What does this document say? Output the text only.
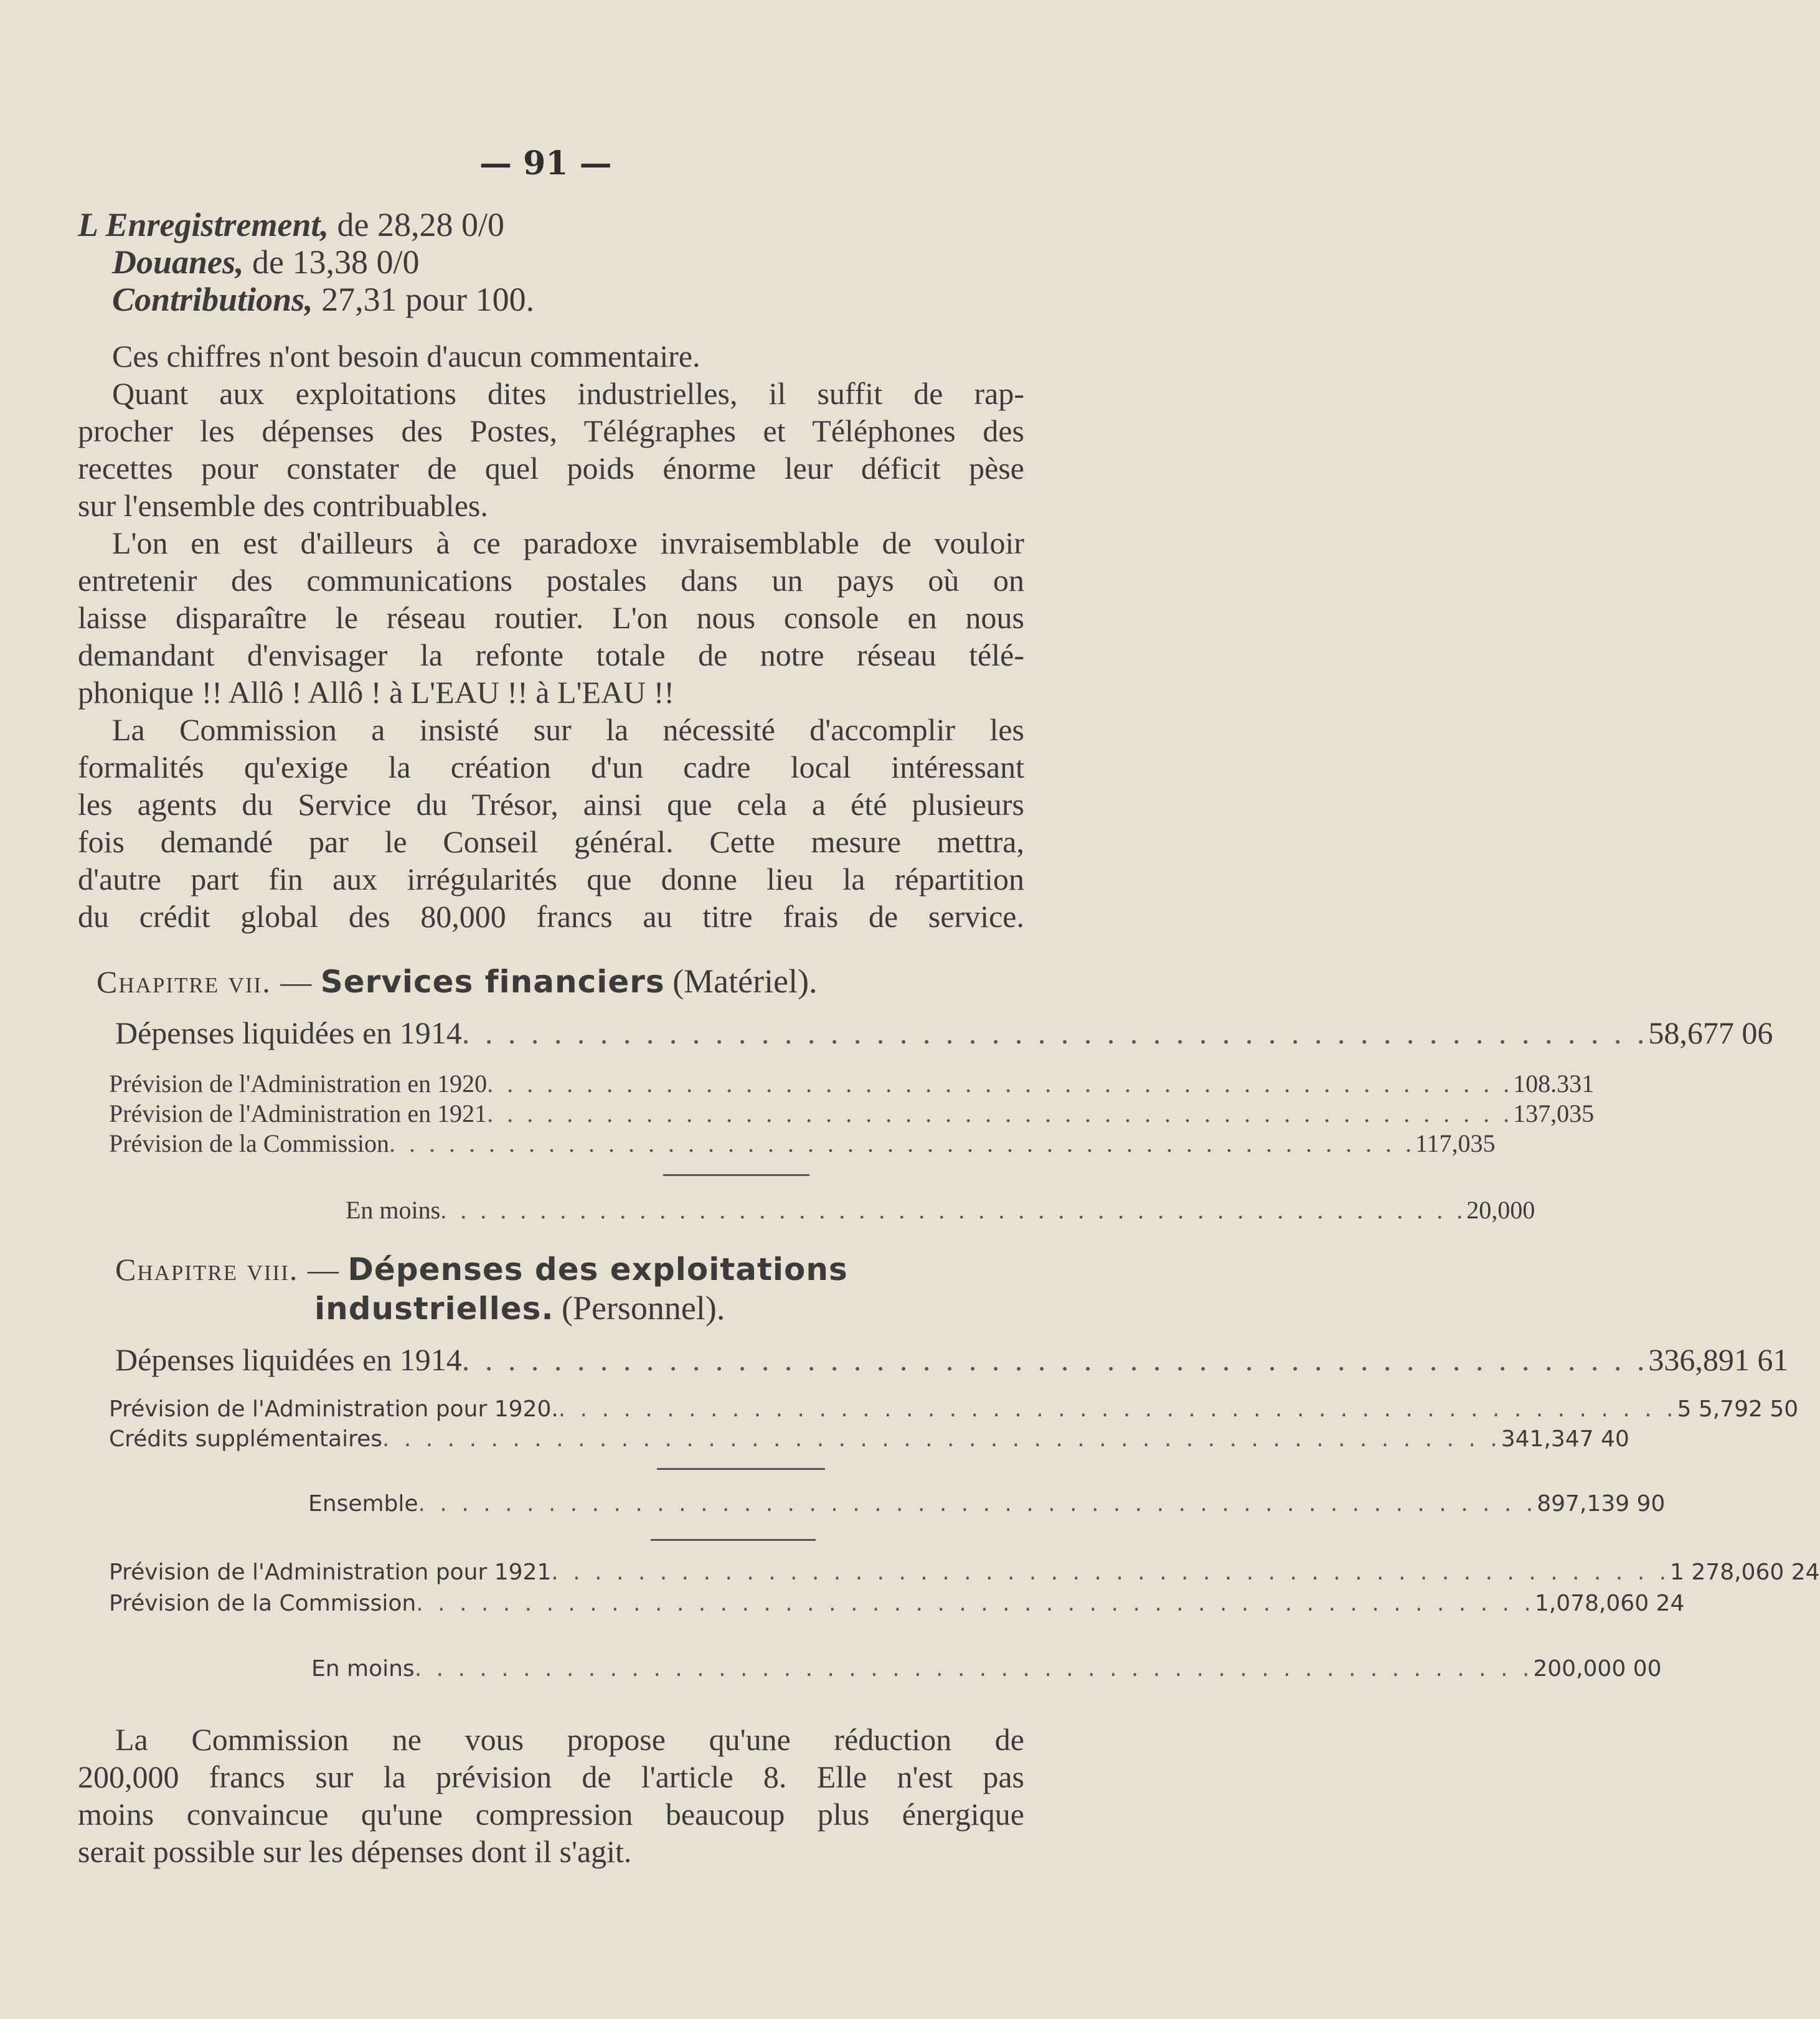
— 91 —
L Enregistrement, de 28,28 0/0
Douanes, de 13,38 0/0
Contributions, 27,31 pour 100.
Ces chiffres n'ont besoin d'aucun commentaire.
Quant aux exploitations dites industrielles, il suffit de rap-
procher les dépenses des Postes, Télégraphes et Téléphones des
recettes pour constater de quel poids énorme leur déficit pèse
sur l'ensemble des contribuables.
L'on en est d'ailleurs à ce paradoxe invraisemblable de vouloir
entretenir des communications postales dans un pays où on
laisse disparaître le réseau routier. L'on nous console en nous
demandant d'envisager la refonte totale de notre réseau télé-
phonique !! Allô ! Allô ! à L'EAU !! à L'EAU !!
La Commission a insisté sur la nécessité d'accomplir les
formalités qu'exige la création d'un cadre local intéressant
les agents du Service du Trésor, ainsi que cela a été plusieurs
fois demandé par le Conseil général. Cette mesure mettra,
d'autre part fin aux irrégularités que donne lieu la répartition
du crédit global des 80,000 francs au titre frais de service.
Chapitre vii. — Services financiers (Matériel).
Dépenses liquidées en 1914 . . . . . . . . . . . . . . . . . . . . . . . . . . . . . . . . . . . . . . . . . . . . . . . . . . . . 58,677 06
Prévision de l'Administration en 1920 . . . . . . . . . . . . . . . . . . . . . . . . . . . . . . . . . . . . . . . . . . . . . . . . . . . . 108.331
Prévision de l'Administration en 1921 . . . . . . . . . . . . . . . . . . . . . . . . . . . . . . . . . . . . . . . . . . . . . . . . . . . . 137,035
Prévision de la Commission . . . . . . . . . . . . . . . . . . . . . . . . . . . . . . . . . . . . . . . . . . . . . . . . . . . . 117,035
En moins . . . . . . . . . . . . . . . . . . . . . . . . . . . . . . . . . . . . . . . . . . . . . . . . . . . . 20,000
Chapitre viii. — Dépenses des exploitations
industrielles. (Personnel).
Dépenses liquidées en 1914 . . . . . . . . . . . . . . . . . . . . . . . . . . . . . . . . . . . . . . . . . . . . . . . . . . . . 336,891 61
Prévision de l'Administration pour 1920. . . . . . . . . . . . . . . . . . . . . . . . . . . . . . . . . . . . . . . . . . . . . . . . . . . . . 5 5,792 50
Crédits supplémentaires . . . . . . . . . . . . . . . . . . . . . . . . . . . . . . . . . . . . . . . . . . . . . . . . . . . . 341,347 40
Ensemble . . . . . . . . . . . . . . . . . . . . . . . . . . . . . . . . . . . . . . . . . . . . . . . . . . . . 897,139 90
Prévision de l'Administration pour 1921 . . . . . . . . . . . . . . . . . . . . . . . . . . . . . . . . . . . . . . . . . . . . . . . . . . . . 1 278,060 24
Prévision de la Commission . . . . . . . . . . . . . . . . . . . . . . . . . . . . . . . . . . . . . . . . . . . . . . . . . . . . 1,078,060 24
En moins . . . . . . . . . . . . . . . . . . . . . . . . . . . . . . . . . . . . . . . . . . . . . . . . . . . . 200,000 00
La Commission ne vous propose qu'une réduction de
200,000 francs sur la prévision de l'article 8. Elle n'est pas
moins convaincue qu'une compression beaucoup plus énergique
serait possible sur les dépenses dont il s'agit.
